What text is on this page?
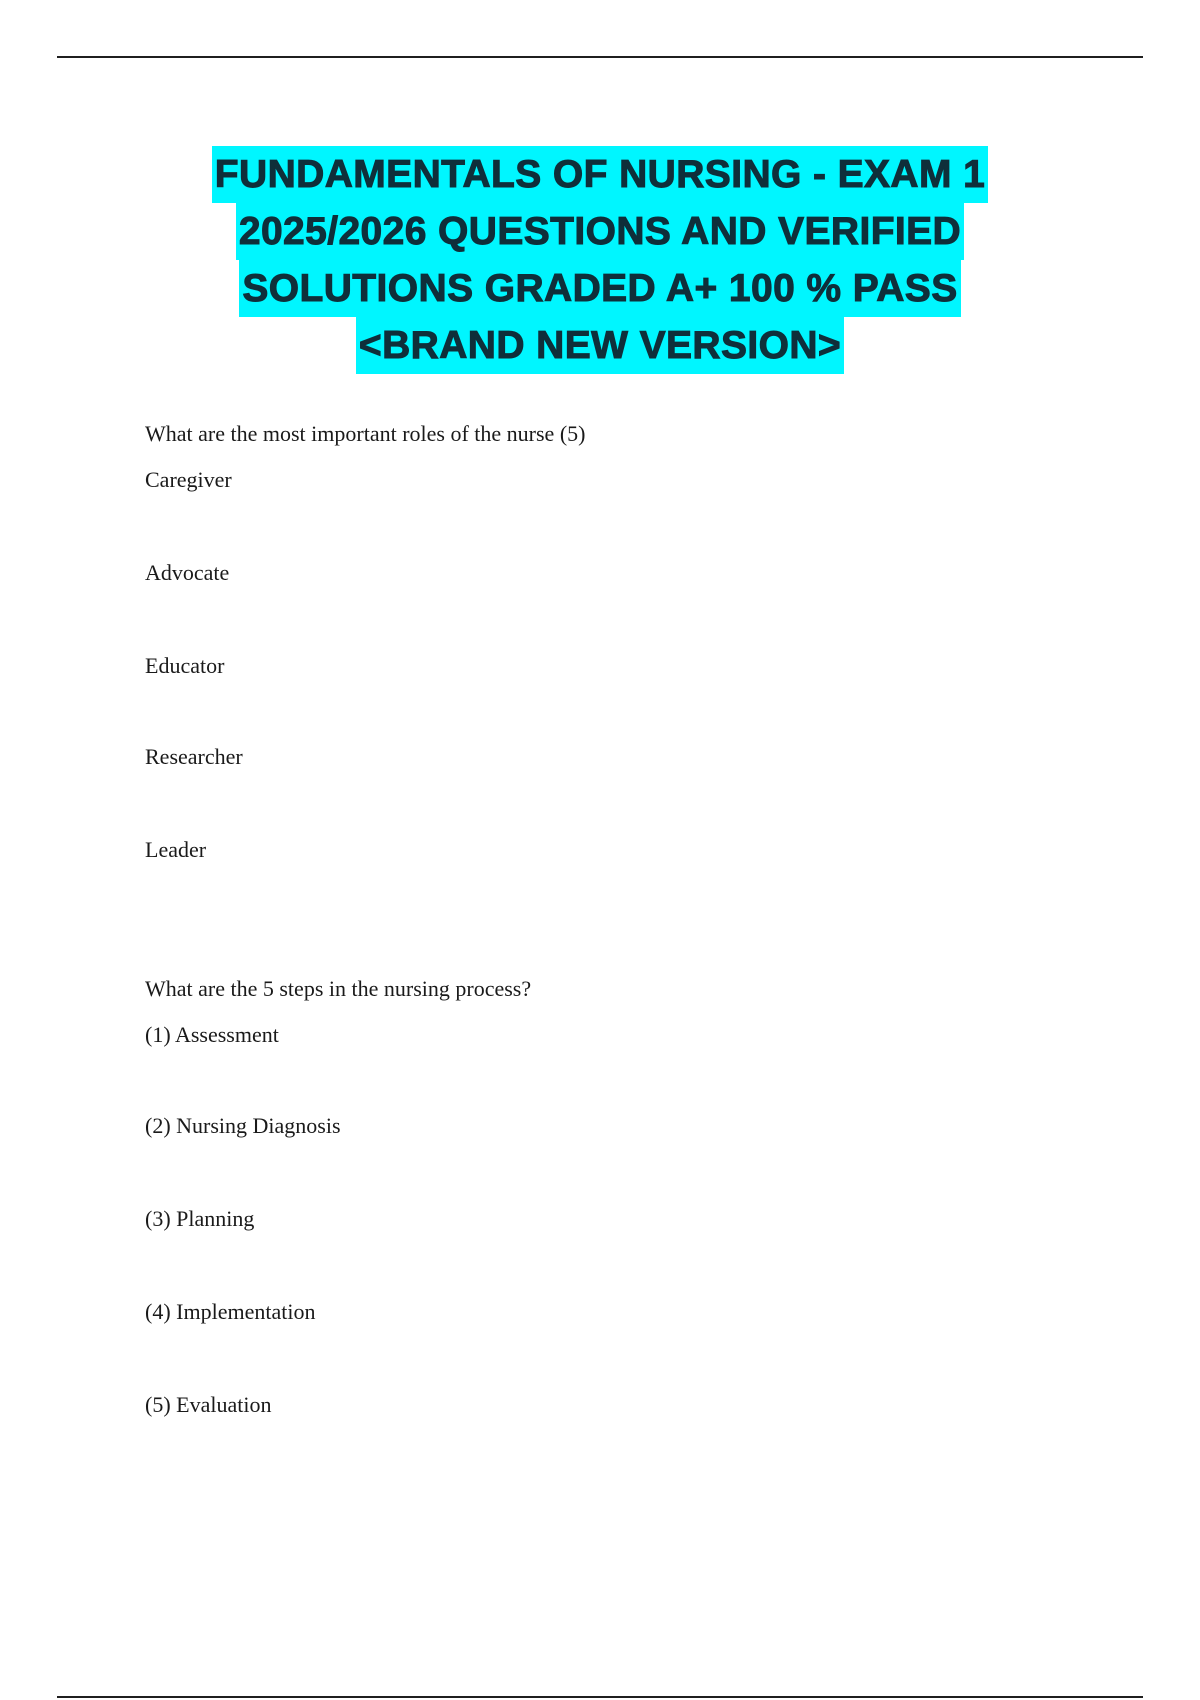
FUNDAMENTALS OF NURSING - EXAM 1
2025/2026 QUESTIONS AND VERIFIED
SOLUTIONS GRADED A+ 100 % PASS
<BRAND NEW VERSION>
What are the most important roles of the nurse (5)
Caregiver
Advocate
Educator
Researcher
Leader
What are the 5 steps in the nursing process?
(1) Assessment
(2) Nursing Diagnosis
(3) Planning
(4) Implementation
(5) Evaluation
